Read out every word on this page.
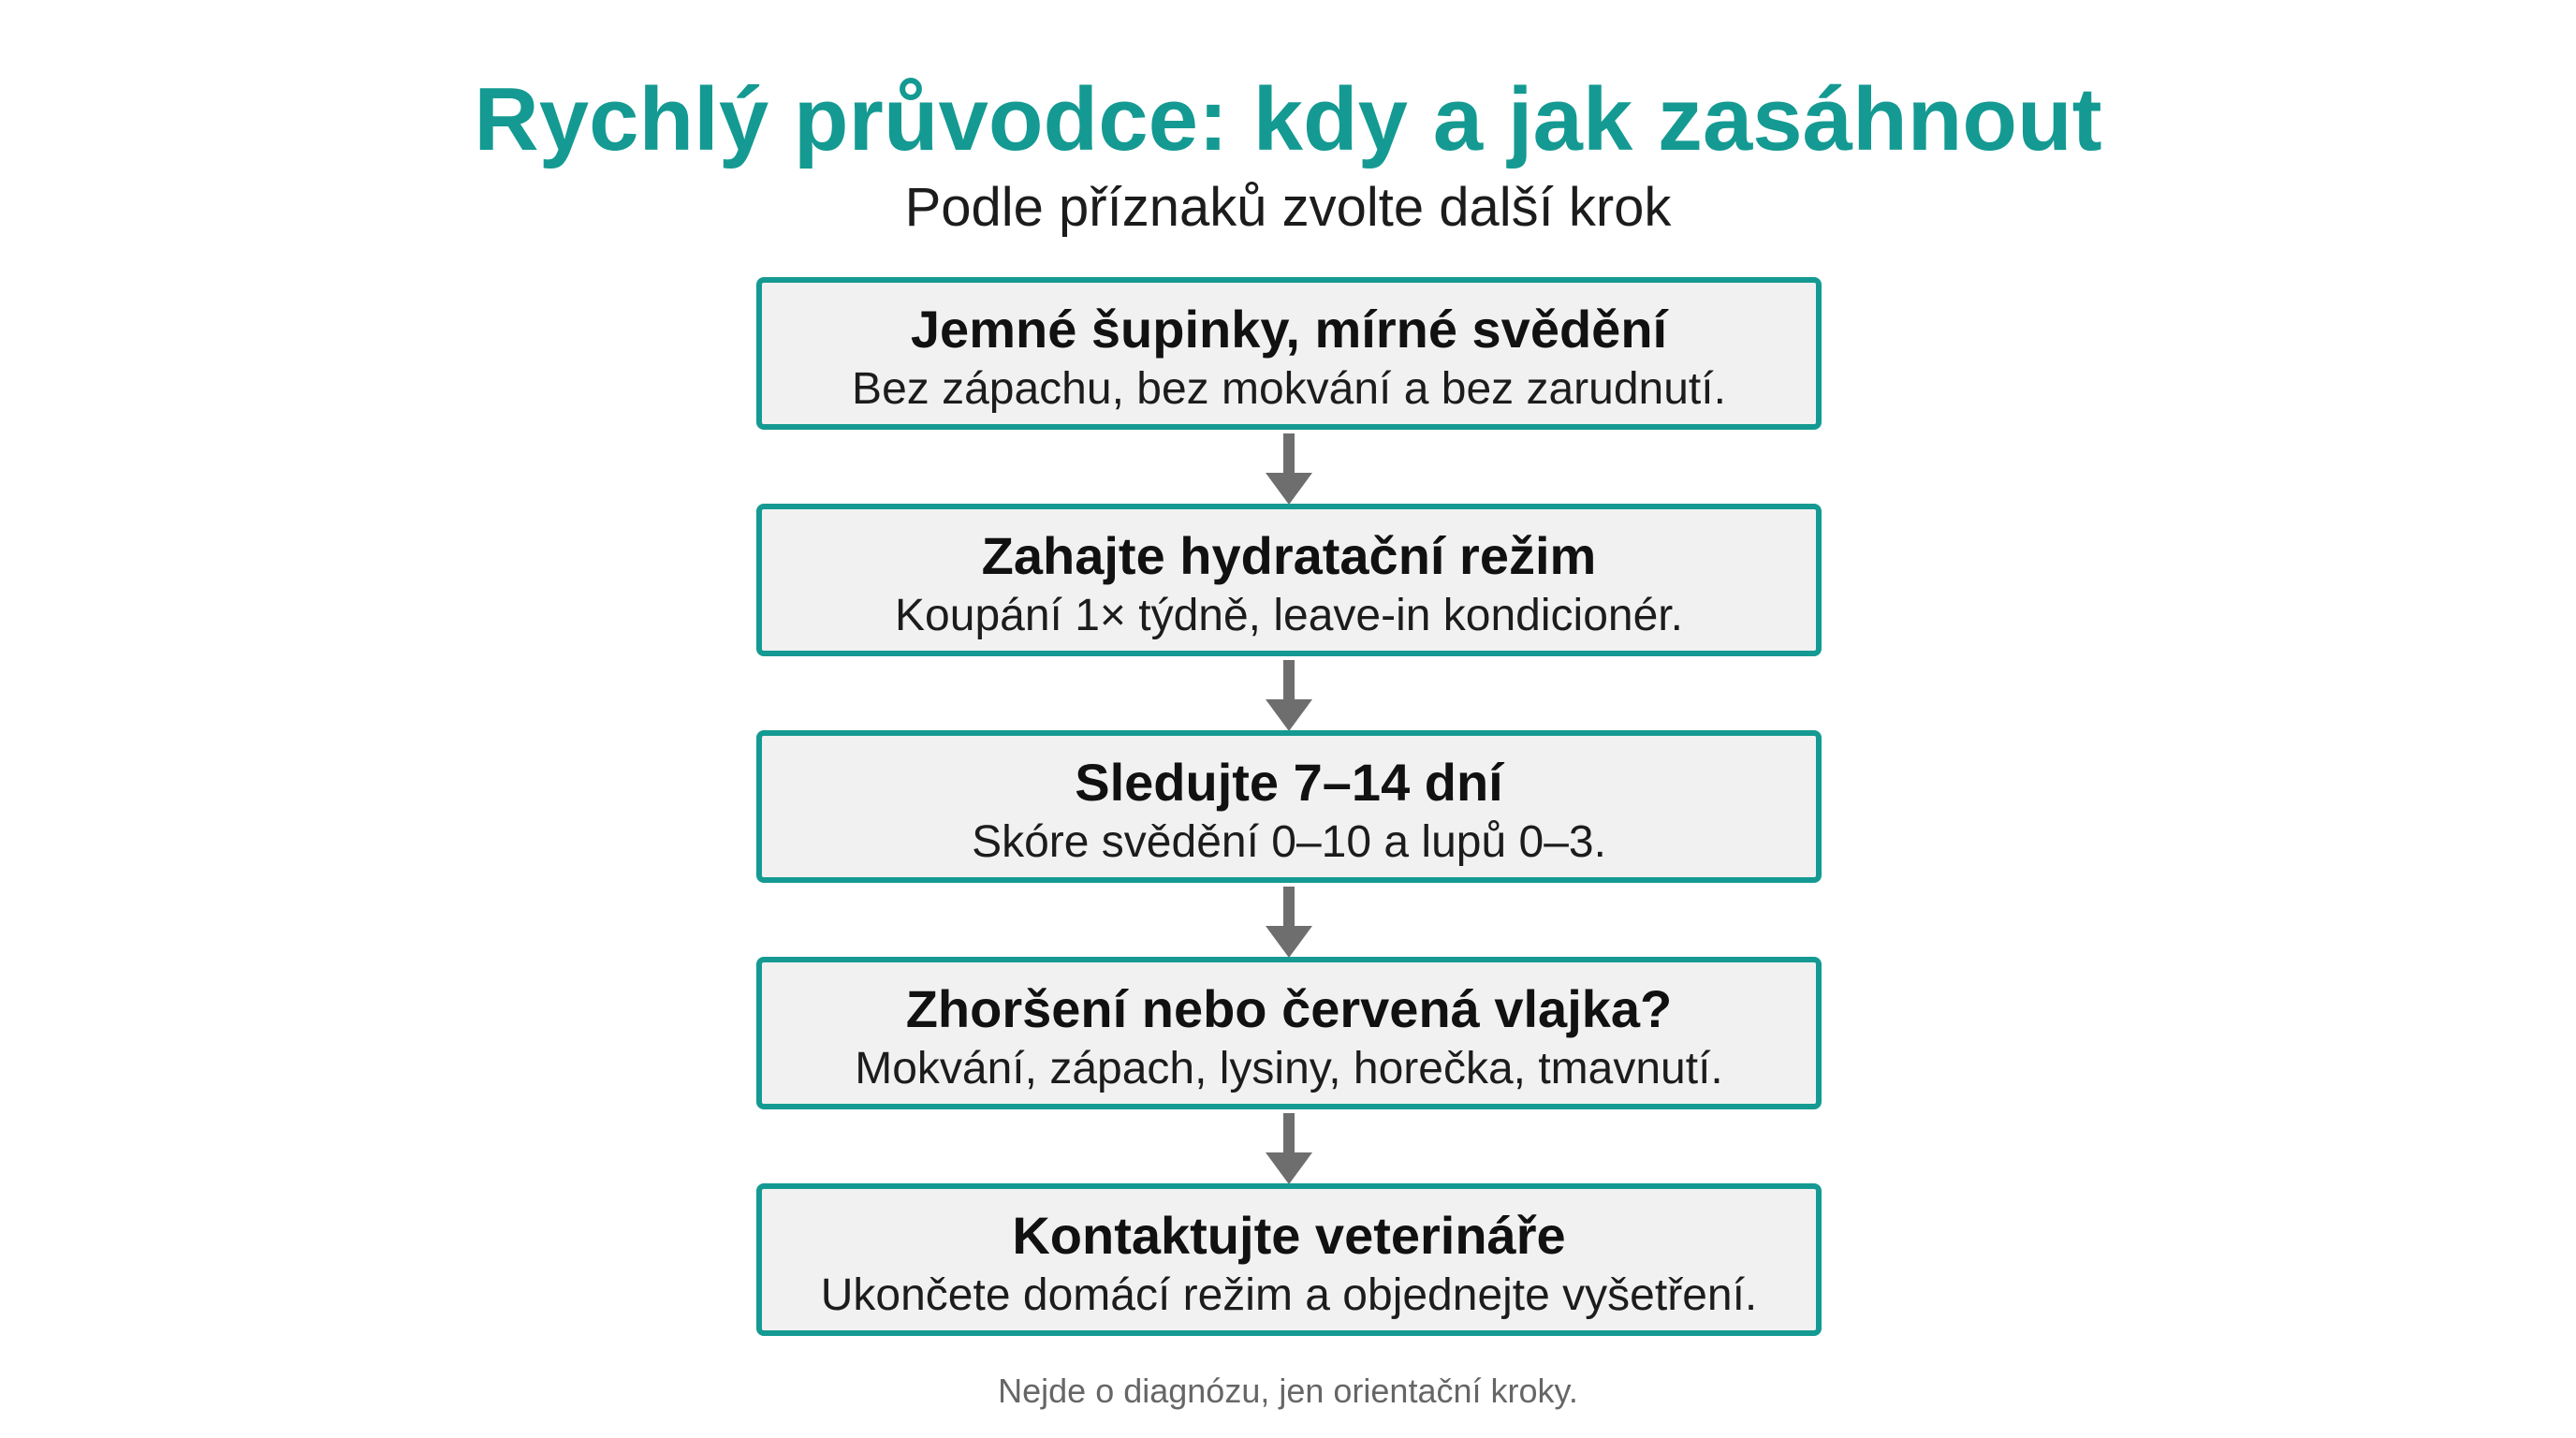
Rychlý průvodce: kdy a jak zasáhnout
Podle příznaků zvolte další krok
Jemné šupinky, mírné svědění
Bez zápachu, bez mokvání a bez zarudnutí.
Zahajte hydratační režim
Koupání 1× týdně, leave-in kondicionér.
Sledujte 7–14 dní
Skóre svědění 0–10 a lupů 0–3.
Zhoršení nebo červená vlajka?
Mokvání, zápach, lysiny, horečka, tmavnutí.
Kontaktujte veterináře
Ukončete domácí režim a objednejte vyšetření.
Nejde o diagnózu, jen orientační kroky.
